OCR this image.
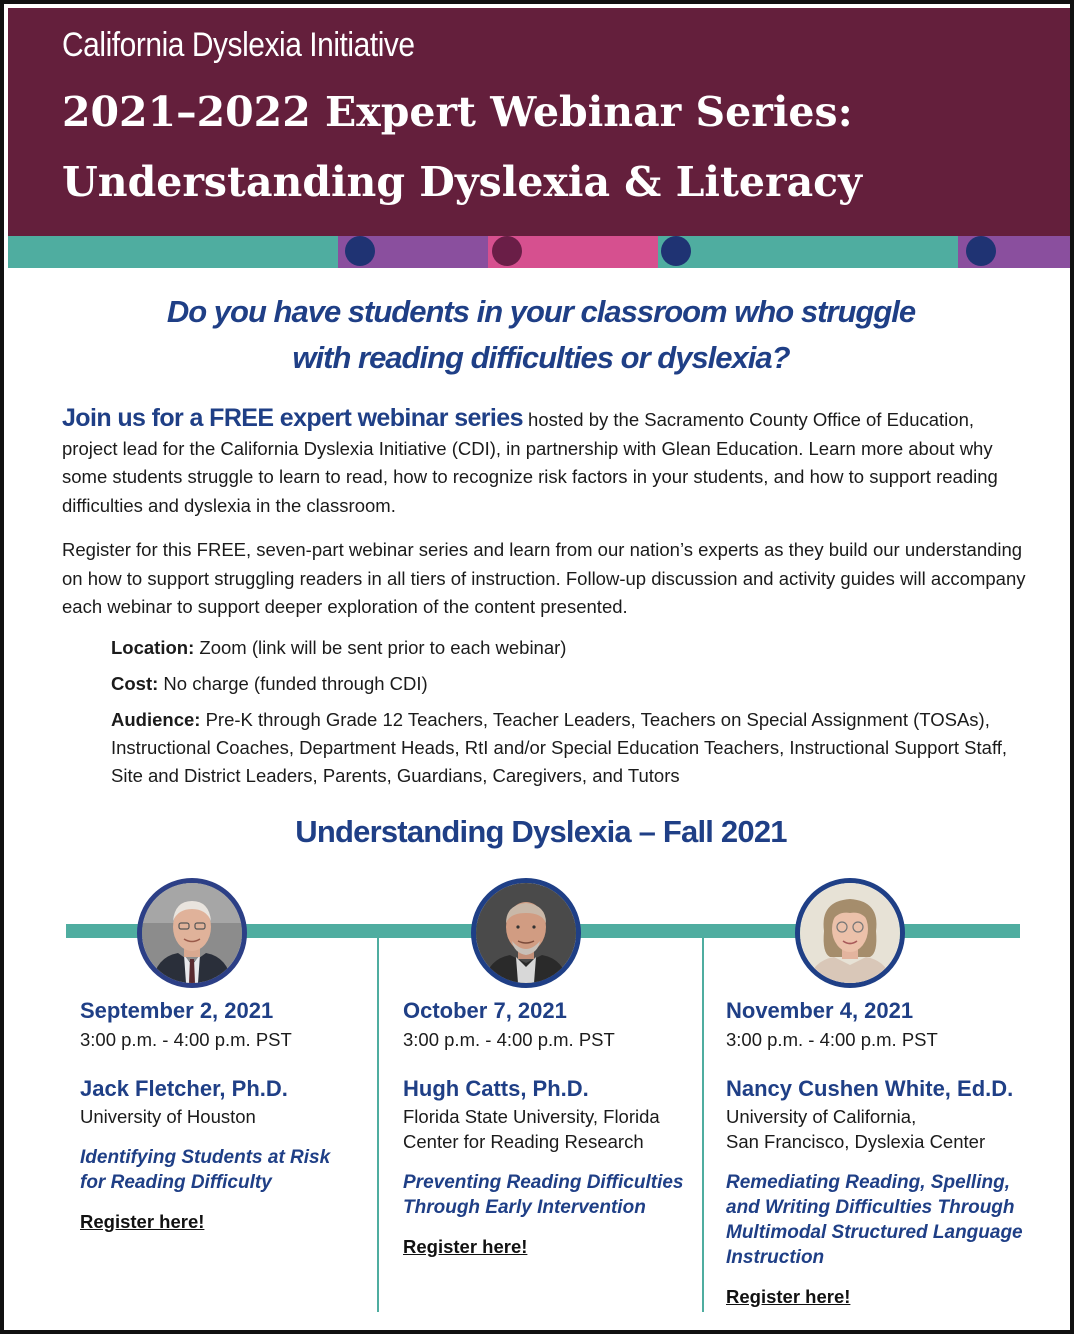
California Dyslexia Initiative
2021–2022 Expert Webinar Series:
Understanding Dyslexia & Literacy
Do you have students in your classroom who struggle
with reading difficulties or dyslexia?
Join us for a FREE expert webinar series hosted by the Sacramento County Office of Education, project lead for the California Dyslexia Initiative (CDI), in partnership with Glean Education. Learn more about why some students struggle to learn to read, how to recognize risk factors in your students, and how to support reading difficulties and dyslexia in the classroom.
Register for this FREE, seven-part webinar series and learn from our nation’s experts as they build our understanding on how to support struggling readers in all tiers of instruction. Follow-up discussion and activity guides will accompany each webinar to support deeper exploration of the content presented.
Location: Zoom (link will be sent prior to each webinar)
Cost: No charge (funded through CDI)
Audience: Pre-K through Grade 12 Teachers, Teacher Leaders, Teachers on Special Assignment (TOSAs), Instructional Coaches, Department Heads, RtI and/or Special Education Teachers, Instructional Support Staff, Site and District Leaders, Parents, Guardians, Caregivers, and Tutors
Understanding Dyslexia – Fall 2021
September 2, 2021
3:00 p.m. - 4:00 p.m. PST
Jack Fletcher, Ph.D.
University of Houston
Identifying Students at Risk
for Reading Difficulty
Register here!
October 7, 2021
3:00 p.m. - 4:00 p.m. PST
Hugh Catts, Ph.D.
Florida State University, Florida
Center for Reading Research
Preventing Reading Difficulties
Through Early Intervention
Register here!
November 4, 2021
3:00 p.m. - 4:00 p.m. PST
Nancy Cushen White, Ed.D.
University of California,
San Francisco, Dyslexia Center
Remediating Reading, Spelling,
and Writing Difficulties Through
Multimodal Structured Language
Instruction
Register here!
